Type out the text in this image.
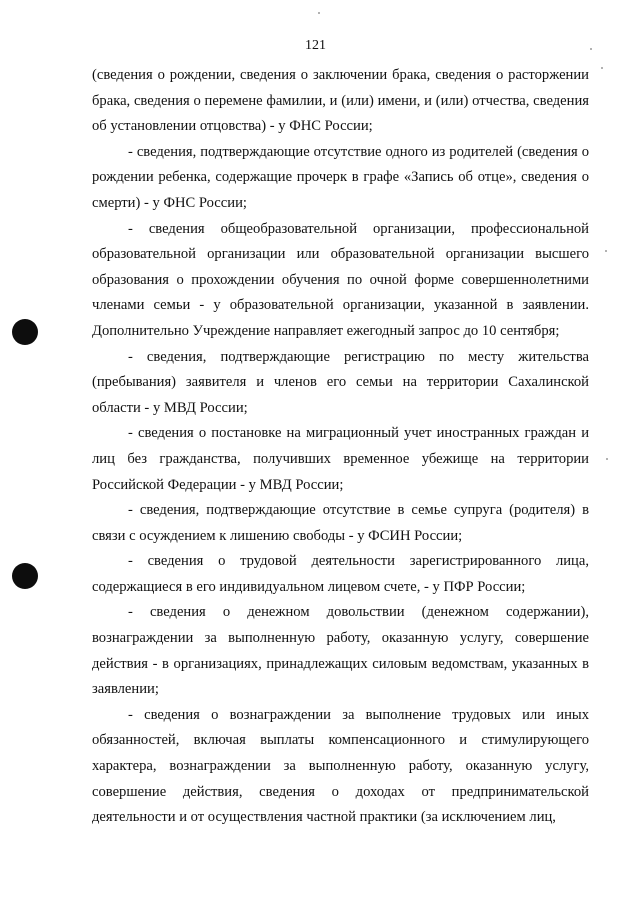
121

(сведения о рождении, сведения о заключении брака, сведения о расторжении брака, сведения о перемене фамилии, и (или) имени, и (или) отчества, сведения об установлении отцовства) - у ФНС России;

- сведения, подтверждающие отсутствие одного из родителей (сведения о рождении ребенка, содержащие прочерк в графе «Запись об отце», сведения о смерти) - у ФНС России;

- сведения общеобразовательной организации, профессиональной образовательной организации или образовательной организации высшего образования о прохождении обучения по очной форме совершеннолетними членами семьи - у образовательной организации, указанной в заявлении. Дополнительно Учреждение направляет ежегодный запрос до 10 сентября;

- сведения, подтверждающие регистрацию по месту жительства (пребывания) заявителя и членов его семьи на территории Сахалинской области - у МВД России;

- сведения о постановке на миграционный учет иностранных граждан и лиц без гражданства, получивших временное убежище на территории Российской Федерации - у МВД России;

- сведения, подтверждающие отсутствие в семье супруга (родителя) в связи с осуждением к лишению свободы - у ФСИН России;

- сведения о трудовой деятельности зарегистрированного лица, содержащиеся в его индивидуальном лицевом счете, - у ПФР России;

- сведения о денежном довольствии (денежном содержании), вознаграждении за выполненную работу, оказанную услугу, совершение действия - в организациях, принадлежащих силовым ведомствам, указанных в заявлении;

- сведения о вознаграждении за выполнение трудовых или иных обязанностей, включая выплаты компенсационного и стимулирующего характера, вознаграждении за выполненную работу, оказанную услугу, совершение действия, сведения о доходах от предпринимательской деятельности и от осуществления частной практики (за исключением лиц,
